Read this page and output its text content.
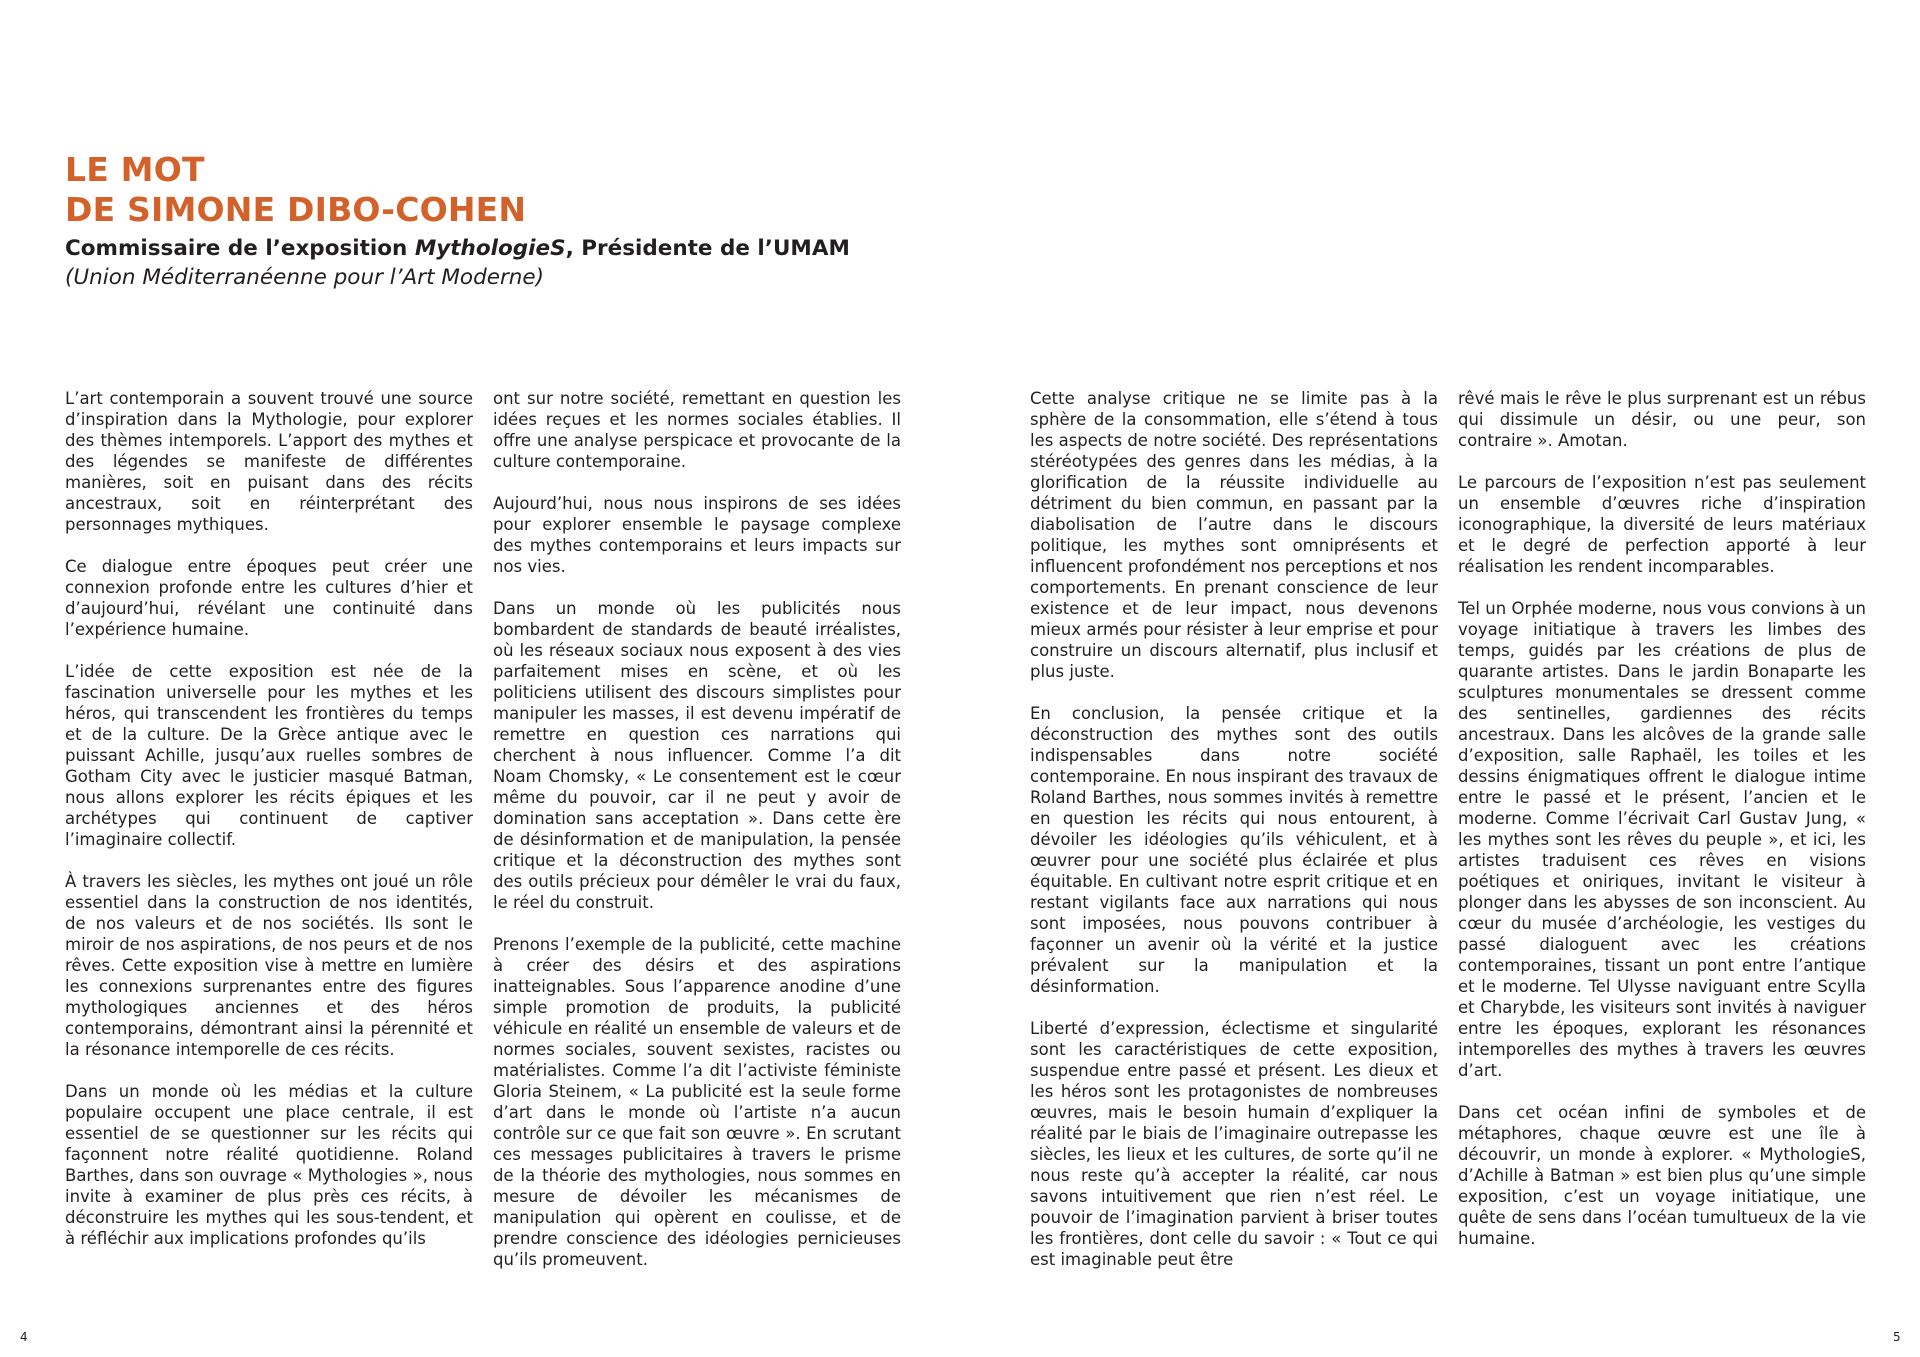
LE MOT
DE SIMONE DIBO-COHEN

Commissaire de l’exposition MythologieS, Présidente de l’UMAM

(Union Méditerranéenne pour l’Art Moderne)

L’art contemporain a souvent trouvé une source d’inspiration dans la Mythologie, pour explorer des thèmes intemporels. L’apport des mythes et des légendes se manifeste de différentes manières, soit en puisant dans des récits ancestraux, soit en réinterprétant des personnages mythiques.

Ce dialogue entre époques peut créer une connexion profonde entre les cultures d’hier et d’aujourd’hui, révélant une continuité dans l’expérience humaine.

L’idée de cette exposition est née de la fascination universelle pour les mythes et les héros, qui transcendent les frontières du temps et de la culture. De la Grèce antique avec le puissant Achille, jusqu’aux ruelles sombres de Gotham City avec le justicier masqué Batman, nous allons explorer les récits épiques et les archétypes qui continuent de captiver l’imaginaire collectif.

À travers les siècles, les mythes ont joué un rôle essentiel dans la construction de nos identités, de nos valeurs et de nos sociétés. Ils sont le miroir de nos aspirations, de nos peurs et de nos rêves. Cette exposition vise à mettre en lumière les connexions surprenantes entre des figures mythologiques anciennes et des héros contemporains, démontrant ainsi la pérennité et la résonance intemporelle de ces récits.

Dans un monde où les médias et la culture populaire occupent une place centrale, il est essentiel de se questionner sur les récits qui façonnent notre réalité quotidienne. Roland Barthes, dans son ouvrage « Mythologies », nous invite à examiner de plus près ces récits, à déconstruire les mythes qui les sous-tendent, et à réfléchir aux implications profondes qu’ils

ont sur notre société, remettant en question les idées reçues et les normes sociales établies. Il offre une analyse perspicace et provocante de la culture contemporaine.

Aujourd’hui, nous nous inspirons de ses idées pour explorer ensemble le paysage complexe des mythes contemporains et leurs impacts sur nos vies.

Dans un monde où les publicités nous bombardent de standards de beauté irréalistes, où les réseaux sociaux nous exposent à des vies parfaitement mises en scène, et où les politiciens utilisent des discours simplistes pour manipuler les masses, il est devenu impératif de remettre en question ces narrations qui cherchent à nous influencer. Comme l’a dit Noam Chomsky, « Le consentement est le cœur même du pouvoir, car il ne peut y avoir de domination sans acceptation ». Dans cette ère de désinformation et de manipulation, la pensée critique et la déconstruction des mythes sont des outils précieux pour démêler le vrai du faux, le réel du construit.

Prenons l’exemple de la publicité, cette machine à créer des désirs et des aspirations inatteignables. Sous l’apparence anodine d’une simple promotion de produits, la publicité véhicule en réalité un ensemble de valeurs et de normes sociales, souvent sexistes, racistes ou matérialistes. Comme l’a dit l’activiste féministe Gloria Steinem, « La publicité est la seule forme d’art dans le monde où l’artiste n’a aucun contrôle sur ce que fait son œuvre ». En scrutant ces messages publicitaires à travers le prisme de la théorie des mythologies, nous sommes en mesure de dévoiler les mécanismes de manipulation qui opèrent en coulisse, et de prendre conscience des idéologies pernicieuses qu’ils promeuvent.

Cette analyse critique ne se limite pas à la sphère de la consommation, elle s’étend à tous les aspects de notre société. Des représentations stéréotypées des genres dans les médias, à la glorification de la réussite individuelle au détriment du bien commun, en passant par la diabolisation de l’autre dans le discours politique, les mythes sont omniprésents et influencent profondément nos perceptions et nos comportements. En prenant conscience de leur existence et de leur impact, nous devenons mieux armés pour résister à leur emprise et pour construire un discours alternatif, plus inclusif et plus juste.

En conclusion, la pensée critique et la déconstruction des mythes sont des outils indispensables dans notre société contemporaine. En nous inspirant des travaux de Roland Barthes, nous sommes invités à remettre en question les récits qui nous entourent, à dévoiler les idéologies qu’ils véhiculent, et à œuvrer pour une société plus éclairée et plus équitable. En cultivant notre esprit critique et en restant vigilants face aux narrations qui nous sont imposées, nous pouvons contribuer à façonner un avenir où la vérité et la justice prévalent sur la manipulation et la désinformation.

Liberté d’expression, éclectisme et singularité sont les caractéristiques de cette exposition, suspendue entre passé et présent. Les dieux et les héros sont les protagonistes de nombreuses œuvres, mais le besoin humain d’expliquer la réalité par le biais de l’imaginaire outrepasse les siècles, les lieux et les cultures, de sorte qu’il ne nous reste qu’à accepter la réalité, car nous savons intuitivement que rien n’est réel. Le pouvoir de l’imagination parvient à briser toutes les frontières, dont celle du savoir : « Tout ce qui est imaginable peut être

rêvé mais le rêve le plus surprenant est un rébus qui dissimule un désir, ou une peur, son contraire ». Amotan.

Le parcours de l’exposition n’est pas seulement un ensemble d’œuvres riche d’inspiration iconographique, la diversité de leurs matériaux et le degré de perfection apporté à leur réalisation les rendent incomparables.

Tel un Orphée moderne, nous vous convions à un voyage initiatique à travers les limbes des temps, guidés par les créations de plus de quarante artistes. Dans le jardin Bonaparte les sculptures monumentales se dressent comme des sentinelles, gardiennes des récits ancestraux. Dans les alcôves de la grande salle d’exposition, salle Raphaël, les toiles et les dessins énigmatiques offrent le dialogue intime entre le passé et le présent, l’ancien et le moderne. Comme l’écrivait Carl Gustav Jung, « les mythes sont les rêves du peuple », et ici, les artistes traduisent ces rêves en visions poétiques et oniriques, invitant le visiteur à plonger dans les abysses de son inconscient. Au cœur du musée d’archéologie, les vestiges du passé dialoguent avec les créations contemporaines, tissant un pont entre l’antique et le moderne. Tel Ulysse naviguant entre Scylla et Charybde, les visiteurs sont invités à naviguer entre les époques, explorant les résonances intemporelles des mythes à travers les œuvres d’art.

Dans cet océan infini de symboles et de métaphores, chaque œuvre est une île à découvrir, un monde à explorer. « MythologieS, d’Achille à Batman » est bien plus qu’une simple exposition, c’est un voyage initiatique, une quête de sens dans l’océan tumultueux de la vie humaine.

4	5
